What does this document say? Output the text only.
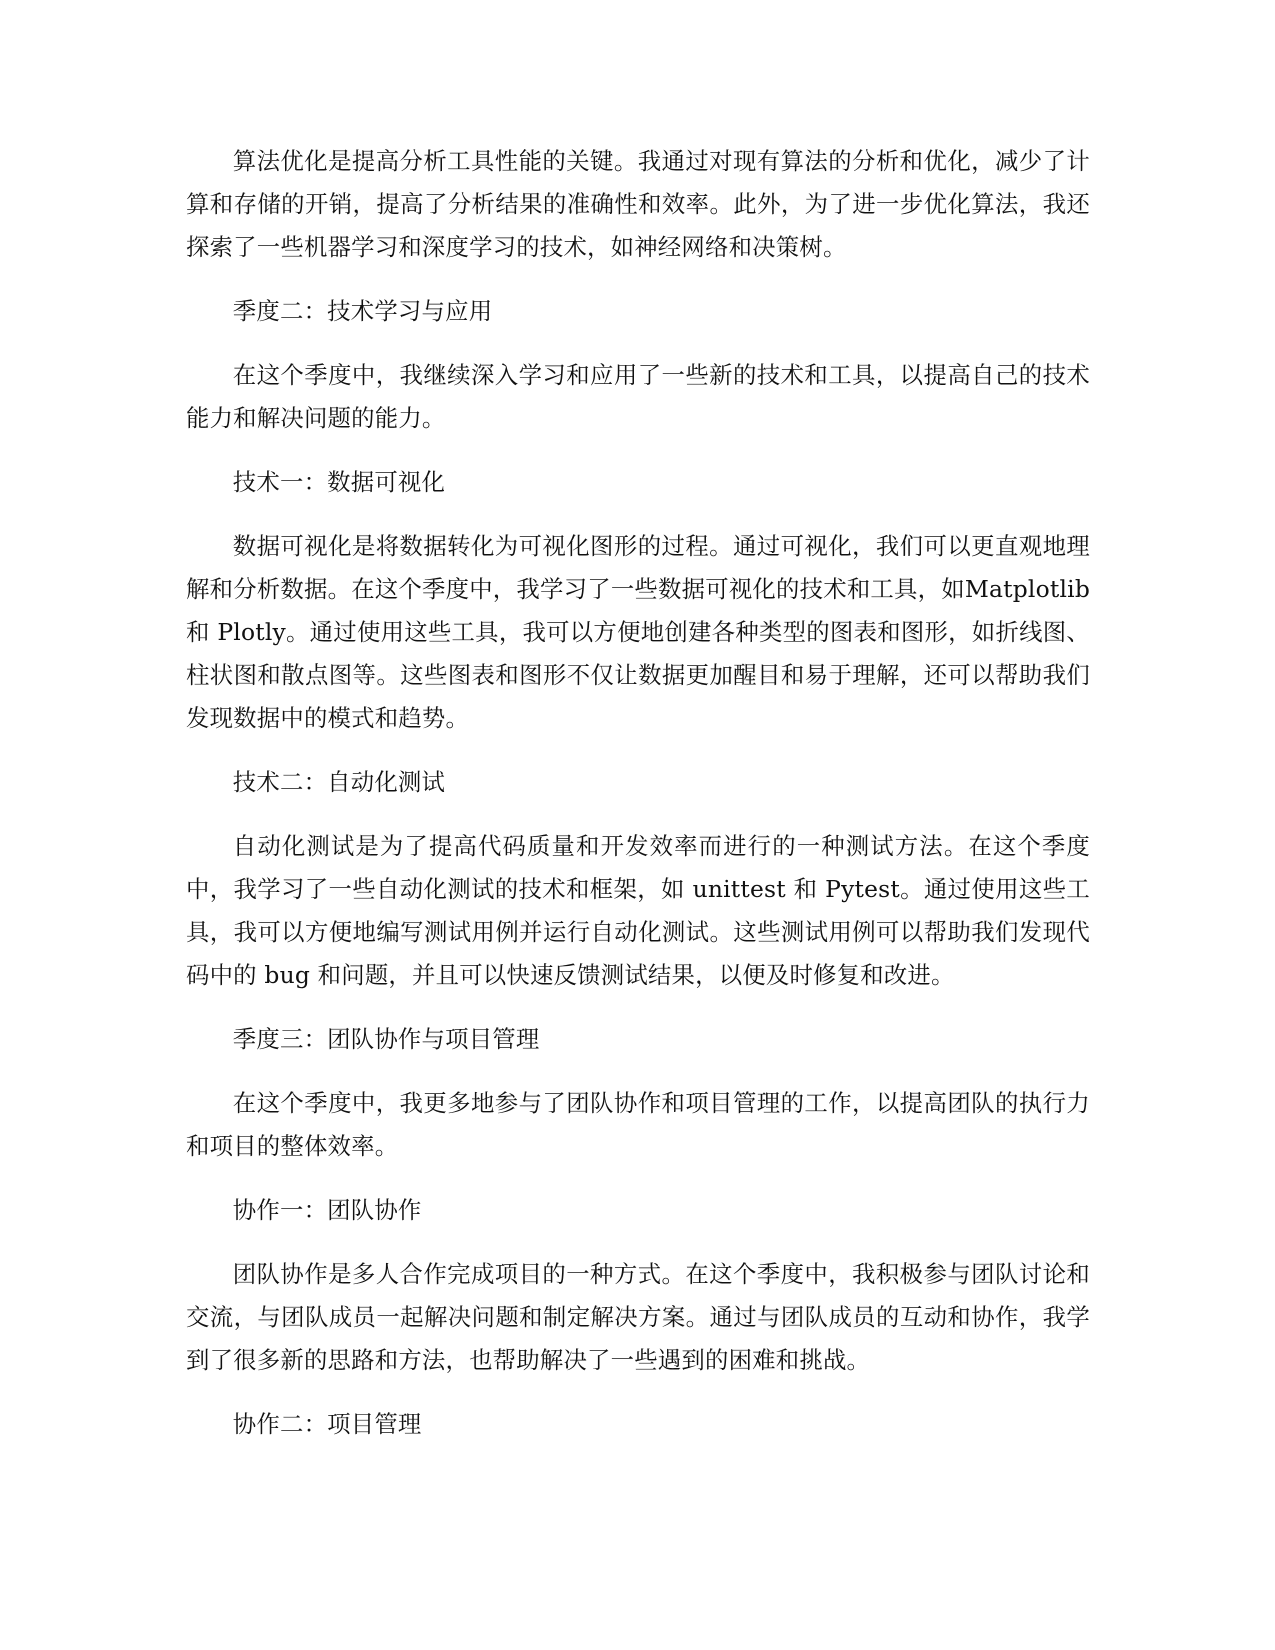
算法优化是提高分析工具性能的关键。我通过对现有算法的分析和优化，减少了计算和存储的开销，提高了分析结果的准确性和效率。此外，为了进一步优化算法，我还探索了一些机器学习和深度学习的技术，如神经网络和决策树。

季度二：技术学习与应用

在这个季度中，我继续深入学习和应用了一些新的技术和工具，以提高自己的技术能力和解决问题的能力。

技术一：数据可视化

数据可视化是将数据转化为可视化图形的过程。通过可视化，我们可以更直观地理解和分析数据。在这个季度中，我学习了一些数据可视化的技术和工具，如Matplotlib 和 Plotly。通过使用这些工具，我可以方便地创建各种类型的图表和图形，如折线图、柱状图和散点图等。这些图表和图形不仅让数据更加醒目和易于理解，还可以帮助我们发现数据中的模式和趋势。

技术二：自动化测试

自动化测试是为了提高代码质量和开发效率而进行的一种测试方法。在这个季度中，我学习了一些自动化测试的技术和框架，如 unittest 和 Pytest。通过使用这些工具，我可以方便地编写测试用例并运行自动化测试。这些测试用例可以帮助我们发现代码中的 bug 和问题，并且可以快速反馈测试结果，以便及时修复和改进。

季度三：团队协作与项目管理

在这个季度中，我更多地参与了团队协作和项目管理的工作，以提高团队的执行力和项目的整体效率。

协作一：团队协作

团队协作是多人合作完成项目的一种方式。在这个季度中，我积极参与团队讨论和交流，与团队成员一起解决问题和制定解决方案。通过与团队成员的互动和协作，我学到了很多新的思路和方法，也帮助解决了一些遇到的困难和挑战。

协作二：项目管理
